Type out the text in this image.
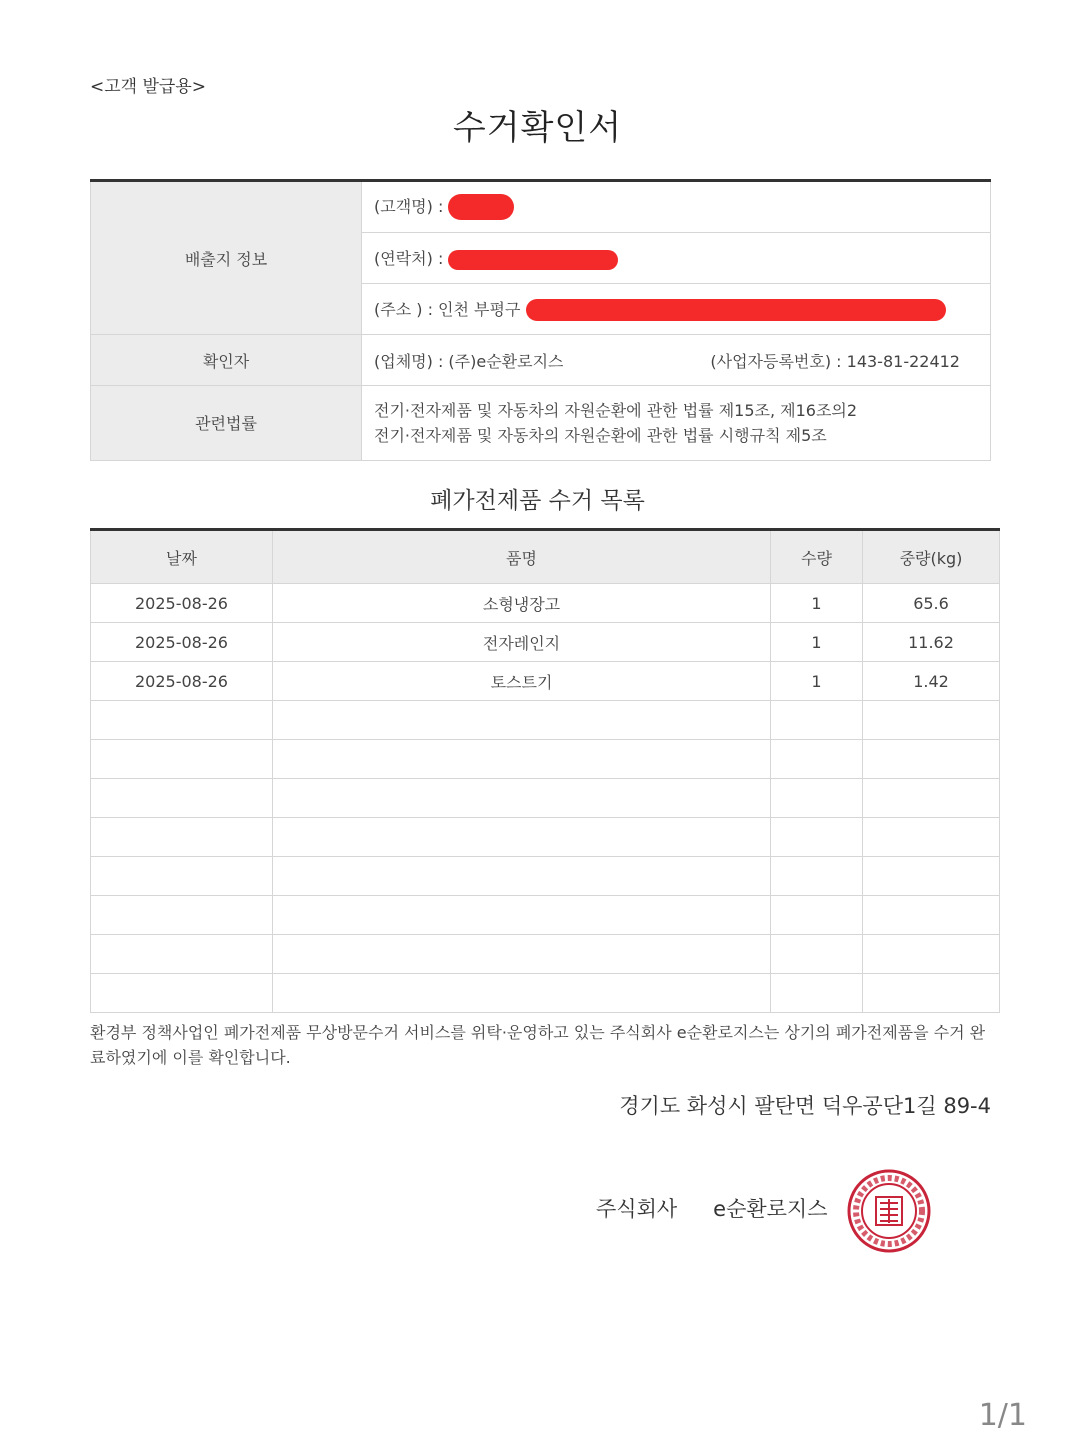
<고객 발급용>
수거확인서
배출지 정보	(고객명) :
	(연락처) :
	(주소 ) : 인천 부평구
확인자	(업체명) : (주)e순환로지스 (사업자등록번호) : 143-81-22412

관련법률	전기·전자제품 및 자동차의 자원순환에 관한 법률 제15조, 제16조의2
전기·전자제품 및 자동차의 자원순환에 관한 법률 시행규칙 제5조
폐가전제품 수거 목록
날짜	품명	수량	중량(kg)
2025-08-26	소형냉장고	1	65.6
2025-08-26	전자레인지	1	11.62
2025-08-26	토스트기	1	1.42

환경부 정책사업인 폐가전제품 무상방문수거 서비스를 위탁·운영하고 있는 주식회사 e순환로지스는 상기의 폐가전제품을 수거 완료하였기에 이를 확인합니다.
경기도 화성시 팔탄면 덕우공단1길 89-4
주식회사 e순환로지스
1/1
